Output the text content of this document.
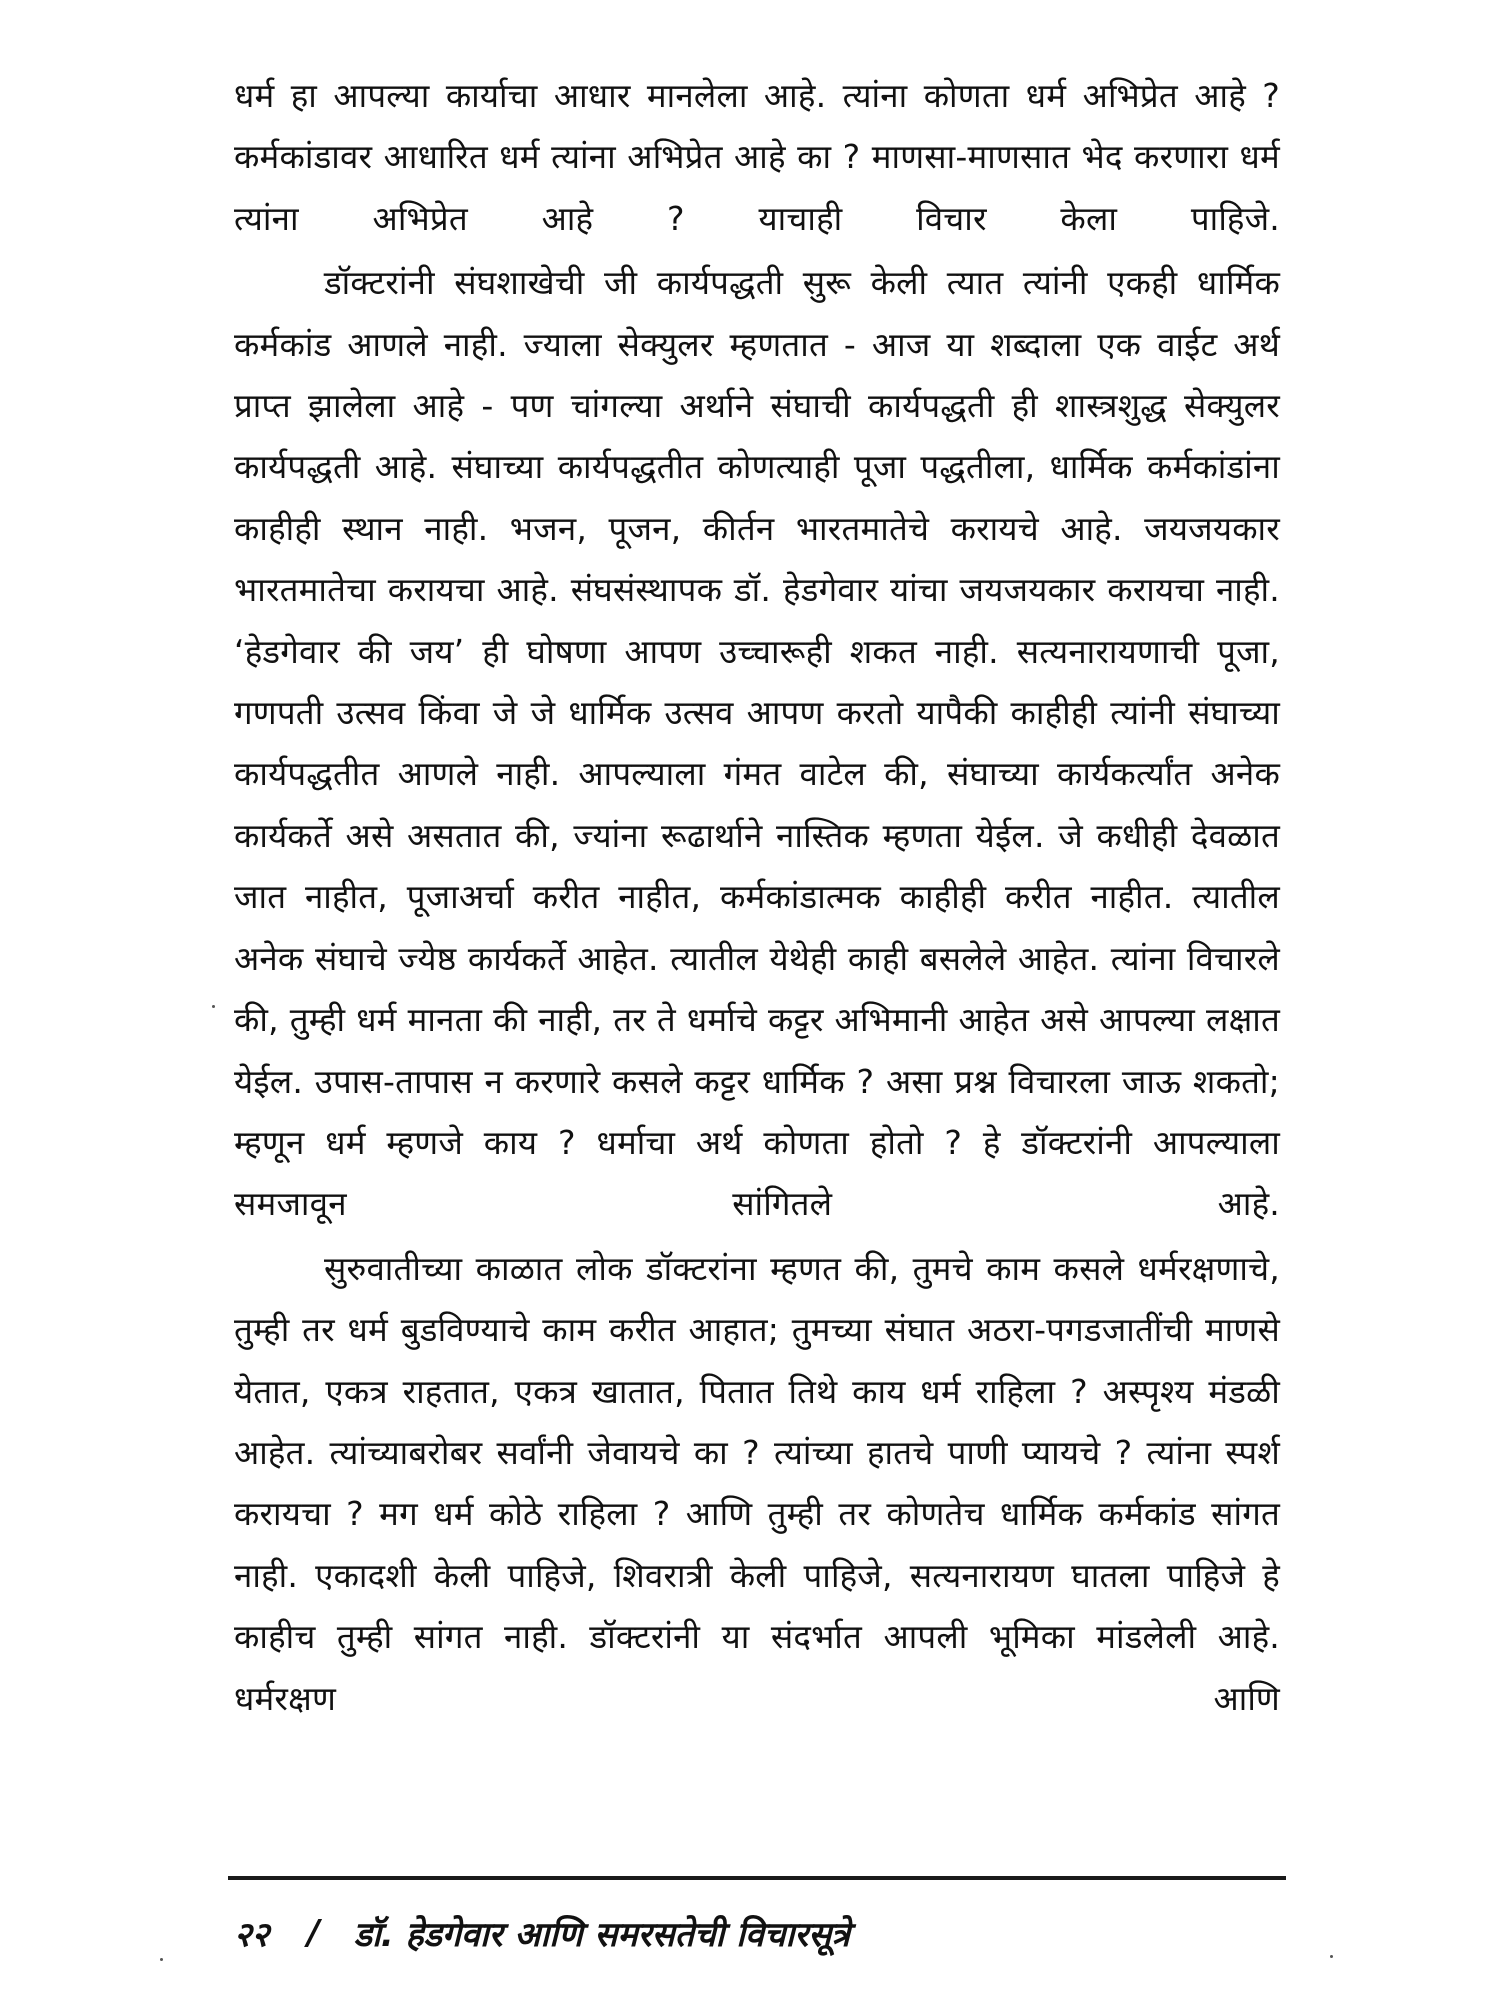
धर्म हा आपल्या कार्याचा आधार मानलेला आहे. त्यांना कोणता धर्म अभिप्रेत आहे ? कर्मकांडावर आधारित धर्म त्यांना अभिप्रेत आहे का ? माणसा-माणसात भेद करणारा धर्म त्यांना अभिप्रेत आहे ? याचाही विचार केला पाहिजे.

डॉक्टरांनी संघशाखेची जी कार्यपद्धती सुरू केली त्यात त्यांनी एकही धार्मिक कर्मकांड आणले नाही. ज्याला सेक्युलर म्हणतात - आज या शब्दाला एक वाईट अर्थ प्राप्त झालेला आहे - पण चांगल्या अर्थाने संघाची कार्यपद्धती ही शास्त्रशुद्ध सेक्युलर कार्यपद्धती आहे. संघाच्या कार्यपद्धतीत कोणत्याही पूजा पद्धतीला, धार्मिक कर्मकांडांना काहीही स्थान नाही. भजन, पूजन, कीर्तन भारतमातेचे करायचे आहे. जयजयकार भारतमातेचा करायचा आहे. संघसंस्थापक डॉ. हेडगेवार यांचा जयजयकार करायचा नाही. ‘हेडगेवार की जय’ ही घोषणा आपण उच्चारूही शकत नाही. सत्यनारायणाची पूजा, गणपती उत्सव किंवा जे जे धार्मिक उत्सव आपण करतो यापैकी काहीही त्यांनी संघाच्या कार्यपद्धतीत आणले नाही. आपल्याला गंमत वाटेल की, संघाच्या कार्यकर्त्यांत अनेक कार्यकर्ते असे असतात की, ज्यांना रूढार्थाने नास्तिक म्हणता येईल. जे कधीही देवळात जात नाहीत, पूजाअर्चा करीत नाहीत, कर्मकांडात्मक काहीही करीत नाहीत. त्यातील अनेक संघाचे ज्येष्ठ कार्यकर्ते आहेत. त्यातील येथेही काही बसलेले आहेत. त्यांना विचारले की, तुम्ही धर्म मानता की नाही, तर ते धर्माचे कट्टर अभिमानी आहेत असे आपल्या लक्षात येईल. उपास-तापास न करणारे कसले कट्टर धार्मिक ? असा प्रश्न विचारला जाऊ शकतो; म्हणून धर्म म्हणजे काय ? धर्माचा अर्थ कोणता होतो ? हे डॉक्टरांनी आपल्याला समजावून सांगितले आहे.

सुरुवातीच्या काळात लोक डॉक्टरांना म्हणत की, तुमचे काम कसले धर्मरक्षणाचे, तुम्ही तर धर्म बुडविण्याचे काम करीत आहात; तुमच्या संघात अठरा-पगडजातींची माणसे येतात, एकत्र राहतात, एकत्र खातात, पितात तिथे काय धर्म राहिला ? अस्पृश्य मंडळी आहेत. त्यांच्याबरोबर सर्वांनी जेवायचे का ? त्यांच्या हातचे पाणी प्यायचे ? त्यांना स्पर्श करायचा ? मग धर्म कोठे राहिला ? आणि तुम्ही तर कोणतेच धार्मिक कर्मकांड सांगत नाही. एकादशी केली पाहिजे, शिवरात्री केली पाहिजे, सत्यनारायण घातला पाहिजे हे काहीच तुम्ही सांगत नाही. डॉक्टरांनी या संदर्भात आपली भूमिका मांडलेली आहे. धर्मरक्षण आणि

२२ / डॉ. हेडगेवार आणि समरसतेची विचारसूत्रे
